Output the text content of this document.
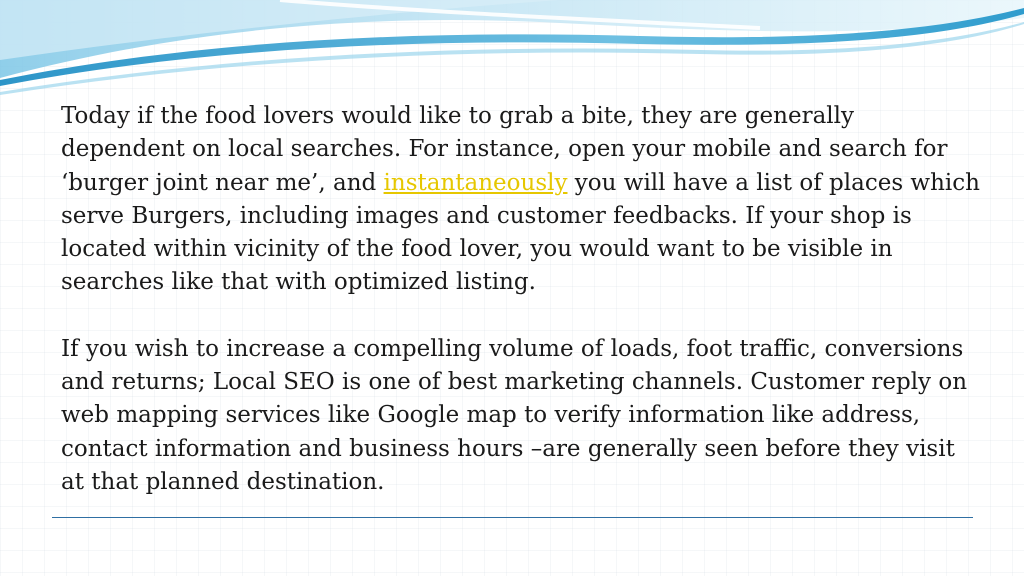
Today if the food lovers would like to grab a bite, they are generally dependent on local searches. For instance, open your mobile and search for ‘burger joint near me’, and instantaneously you will have a list of places which serve Burgers, including images and customer feedbacks. If your shop is located within vicinity of the food lover, you would want to be visible in searches like that with optimized listing.

If you wish to increase a compelling volume of loads, foot traffic, conversions and returns; Local SEO is one of best marketing channels. Customer reply on web mapping services like Google map to verify information like address, contact information and business hours –are generally seen before they visit at that planned destination.
